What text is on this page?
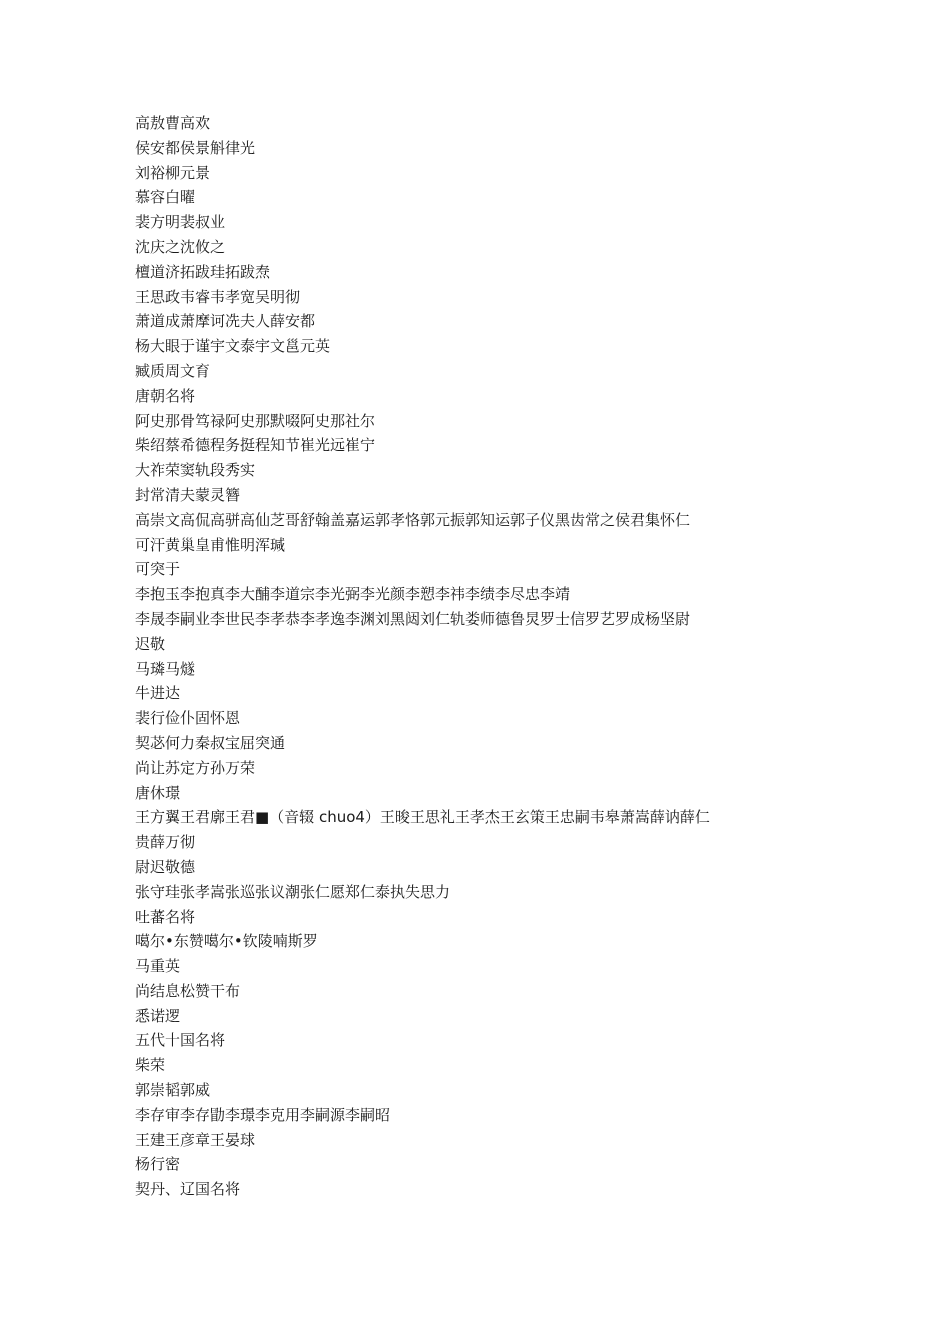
高敖曹高欢
侯安都侯景斛律光
刘裕柳元景
慕容白曜
裴方明裴叔业
沈庆之沈攸之
檀道济拓跋珪拓跋焘
王思政韦睿韦孝宽吴明彻
萧道成萧摩诃冼夫人薛安都
杨大眼于谨宇文泰宇文邕元英
臧质周文育
唐朝名将
阿史那骨笃禄阿史那默啜阿史那社尔
柴绍蔡希德程务挺程知节崔光远崔宁
大祚荣窦轨段秀实
封常清夫蒙灵簪
高崇文高侃高骈高仙芝哥舒翰盖嘉运郭孝恪郭元振郭知运郭子仪黑齿常之侯君集怀仁
可汗黄巢皇甫惟明浑瑊
可突于
李抱玉李抱真李大酺李道宗李光弼李光颜李愬李祎李绩李尽忠李靖
李晟李嗣业李世民李孝恭李孝逸李渊刘黑闼刘仁轨娄师德鲁炅罗士信罗艺罗成杨坚尉
迟敬
马璘马燧
牛进达
裴行俭仆固怀恩
契苾何力秦叔宝屈突通
尚让苏定方孙万荣
唐休璟
王方翼王君廓王君■（音辍 chuo4）王晙王思礼王孝杰王玄策王忠嗣韦皋萧嵩薛讷薛仁
贵薛万彻
尉迟敬德
张守珪张孝嵩张巡张议潮张仁愿郑仁泰执失思力
吐蕃名将
噶尔•东赞噶尔•钦陵喃斯罗
马重英
尚结息松赞干布
悉诺逻
五代十国名将
柴荣
郭崇韬郭威
李存审李存勖李璟李克用李嗣源李嗣昭
王建王彦章王晏球
杨行密
契丹、辽国名将
